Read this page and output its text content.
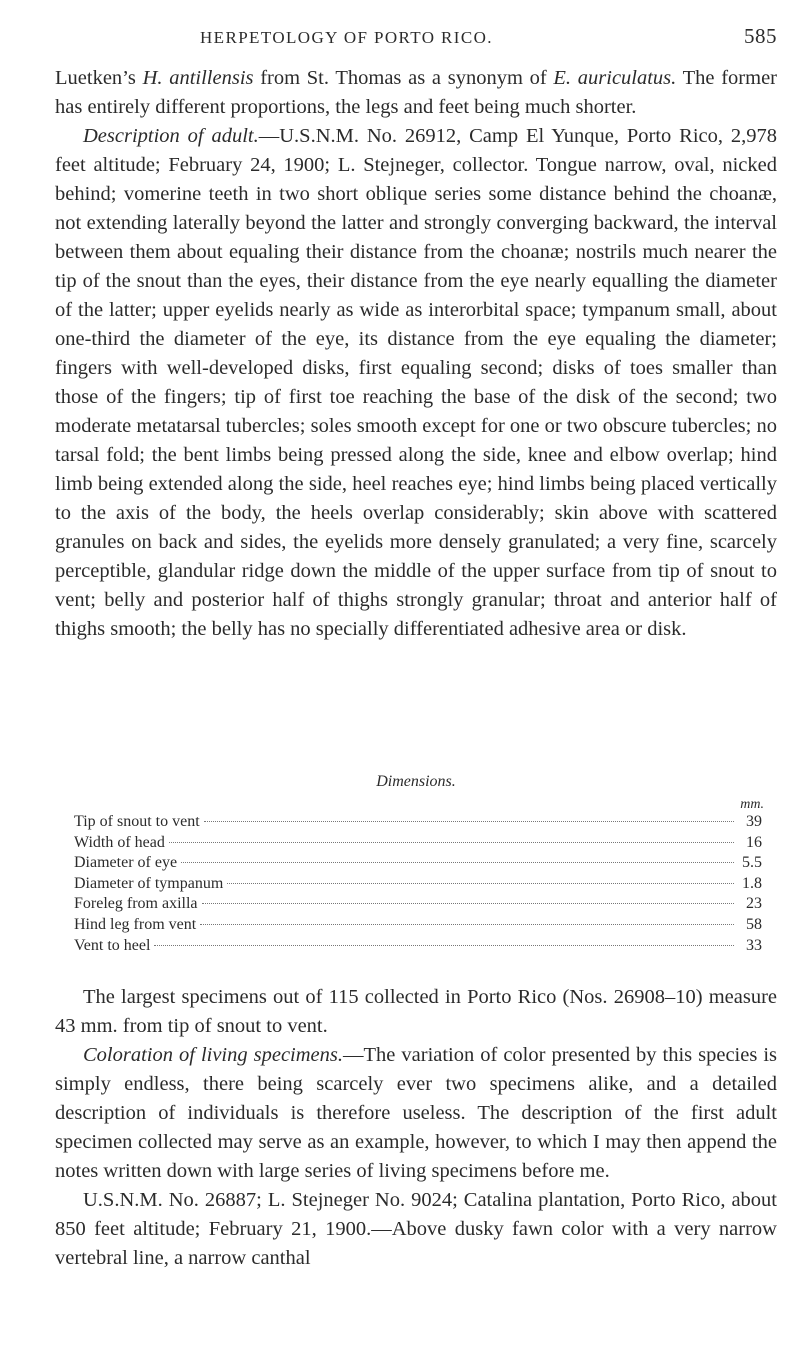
HERPETOLOGY OF PORTO RICO.	585

Luetken’s H. antillensis from St. Thomas as a synonym of E. auriculatus. The former has entirely different proportions, the legs and feet being much shorter.

Description of adult.—U.S.N.M. No. 26912, Camp El Yunque, Porto Rico, 2,978 feet altitude; February 24, 1900; L. Stejneger, collector. Tongue narrow, oval, nicked behind; vomerine teeth in two short oblique series some distance behind the choanæ, not extending laterally beyond the latter and strongly converging backward, the interval between them about equaling their distance from the choanæ; nostrils much nearer the tip of the snout than the eyes, their distance from the eye nearly equalling the diameter of the latter; upper eyelids nearly as wide as interorbital space; tympanum small, about one-third the diameter of the eye, its distance from the eye equaling the diameter; fingers with well-developed disks, first equaling second; disks of toes smaller than those of the fingers; tip of first toe reaching the base of the disk of the second; two moderate metatarsal tubercles; soles smooth except for one or two obscure tubercles; no tarsal fold; the bent limbs being pressed along the side, knee and elbow overlap; hind limb being extended along the side, heel reaches eye; hind limbs being placed vertically to the axis of the body, the heels overlap considerably; skin above with scattered granules on back and sides, the eyelids more densely granulated; a very fine, scarcely perceptible, glandular ridge down the middle of the upper surface from tip of snout to vent; belly and posterior half of thighs strongly granular; throat and anterior half of thighs smooth; the belly has no specially differentiated adhesive area or disk.

Dimensions.
mm.
Tip of snout to vent	39
Width of head	16
Diameter of eye	5.5
Diameter of tympanum	1.8
Foreleg from axilla	23
Hind leg from vent	58
Vent to heel	33

The largest specimens out of 115 collected in Porto Rico (Nos. 26908–10) measure 43 mm. from tip of snout to vent.

Coloration of living specimens.—The variation of color presented by this species is simply endless, there being scarcely ever two specimens alike, and a detailed description of individuals is therefore useless. The description of the first adult specimen collected may serve as an example, however, to which I may then append the notes written down with large series of living specimens before me.

U.S.N.M. No. 26887; L. Stejneger No. 9024; Catalina plantation, Porto Rico, about 850 feet altitude; February 21, 1900.—Above dusky fawn color with a very narrow vertebral line, a narrow canthal
